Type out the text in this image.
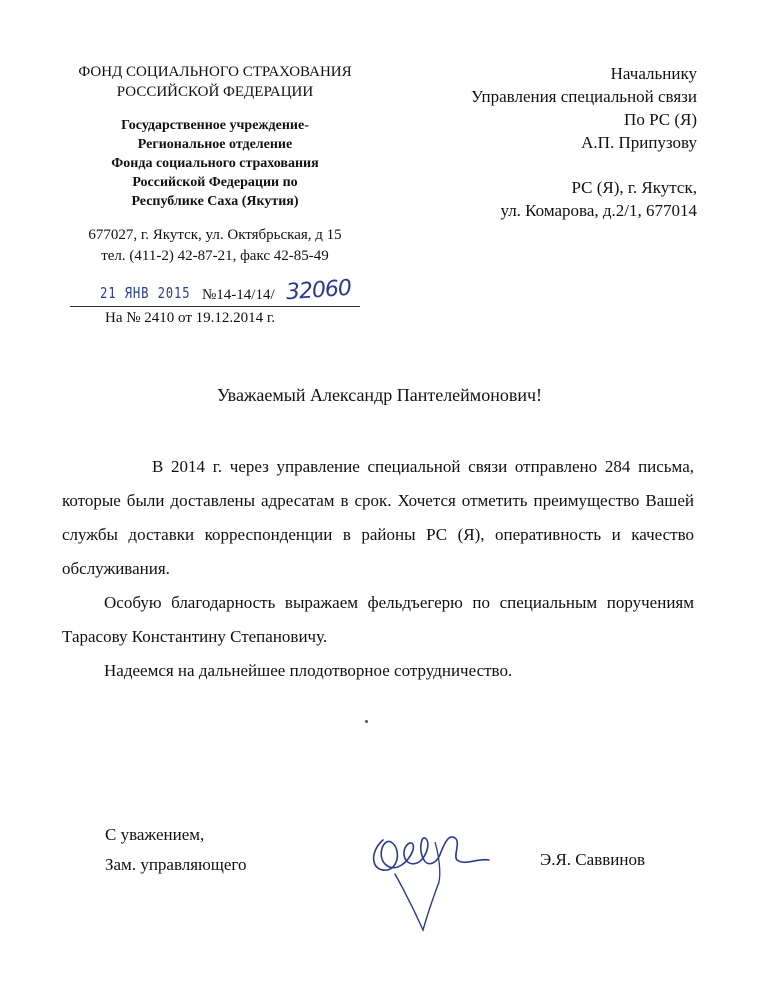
ФОНД СОЦИАЛЬНОГО СТРАХОВАНИЯ
РОССИЙСКОЙ ФЕДЕРАЦИИ
Государственное учреждение-
Региональное отделение
Фонда социального страхования
Российской Федерации по
Республике Саха (Якутия)
677027, г. Якутск, ул. Октябрьская, д 15
тел. (411-2) 42-87-21, факс 42-85-49
Начальнику
Управления специальной связи
По РС (Я)
А.П. Припузову
РС (Я), г. Якутск,
ул. Комарова, д.2/1, 677014
21 ЯНВ 2015 №14-14/14/ 32060
На № 2410 от 19.12.2014 г.
Уважаемый Александр Пантелеймонович!

В 2014 г. через управление специальной связи отправлено 284 письма, которые были доставлены адресатам в срок. Хочется отметить преимущество Вашей службы доставки корреспонденции в районы РС (Я), оперативность и качество обслуживания.

Особую благодарность выражаем фельдъегерю по специальным поручениям Тарасову Константину Степановичу.

Надеемся на дальнейшее плодотворное сотрудничество.

С уважением,
Зам. управляющего	Э.Я. Саввинов
